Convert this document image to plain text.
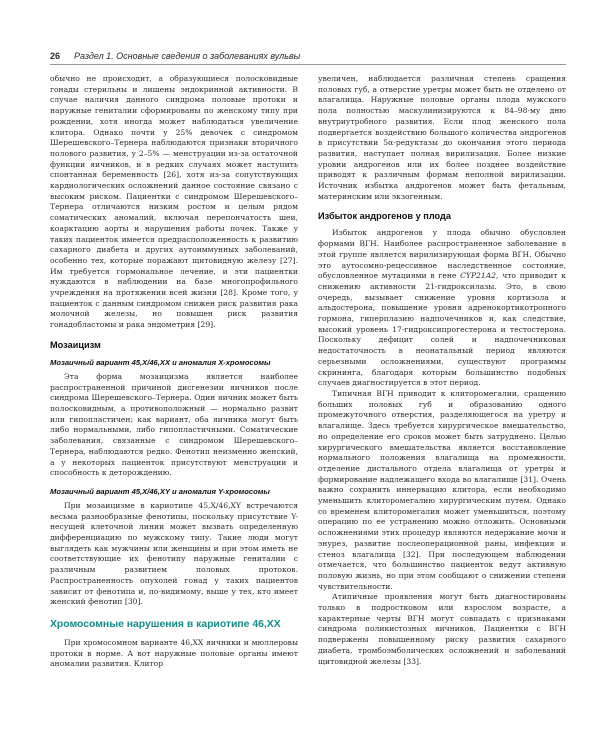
26 Раздел 1. Основные сведения о заболеваниях вульвы

обычно не происходит, а образующиеся полосковидные гонады стерильны и лишены эндокринной активности. В случае наличия данного синдрома половые протоки и наружные гениталии сформированы по женскому типу при рождении, хотя иногда может наблюдаться увеличение клитора. Однако почти у 25% девочек с синдромом Шерешевского–Тернера наблюдаются признаки вторичного полового развития, у 2–5% — менструации из-за остаточной функции яичников, и в редких случаях может наступить спонтанная беременность [26], хотя из-за сопутствующих кардиологических осложнений данное состояние связано с высоким риском. Пациентки с синдромом Шерешевского–Тернера отличаются низким ростом и целым рядом соматических аномалий, включая перепончатость шеи, коарктацию аорты и нарушения работы почек. Также у таких пациенток имеется предрасположенность к развитию сахарного диабета и других аутоиммунных заболеваний, особенно тех, которые поражают щитовидную железу [27]. Им требуется гормональное лечение, и эти пациентки нуждаются в наблюдении на базе многопрофильного учреждения на протяжении всей жизни [28]. Кроме того, у пациенток с данным синдромом снижен риск развития рака молочной железы, но повышен риск развития гонадобластомы и рака эндометрия [29].

Мозаицизм
Мозаичный вариант 45,Х/46,ХХ и аномалия Х-хромосомы

Эта форма мозаицизма является наиболее распространенной причиной дисгенезии яичников после синдрома Шерешевского–Тернера. Один яичник может быть полосковидным, а противоположный — нормально развит или гипопластичен; как вариант, оба яичника могут быть либо нормальными, либо гипопластичными. Соматические заболевания, связанные с синдромом Шерешевского–Тернера, наблюдаются редко. Фенотип неизменно женский, а у некоторых пациенток присутствуют менструации и способность к деторождению.

Мозаичный вариант 45,Х/46,ХY и аномалия Y-хромосомы

При мозаицизме в кариотипе 45,Х/46,ХY встречаются весьма разнообразные фенотипы, поскольку присутствие Y-несущей клеточной линии может вызвать определенную дифференциацию по мужскому типу. Такие люди могут выглядеть как мужчины или женщины и при этом иметь не соответствующие их фенотипу наружные гениталии с различным развитием половых протоков. Распространенность опухолей гонад у таких пациентов зависит от фенотипа и, по-видимому, выше у тех, кто имеет женский фенотип [30].

Хромосомные нарушения в кариотипе 46,ХХ

При хромосомном варианте 46,ХХ яичники и мюллеровы протоки в норме. А вот наружные половые органы имеют аномалии развития. Клитор

увеличен, наблюдается различная степень сращения половых губ, а отверстие уретры может быть не отделено от влагалища. Наружные половые органы плода мужского пола полностью маскулинизируются к 84–98-му дню внутриутробного развития. Если плод женского пола подвергается воздействию большого количества андрогенов в присутствии 5α-редуктазы до окончания этого периода развития, наступает полная вирилизация. Более низкие уровни андрогенов или их более позднее воздействие приводят к различным формам неполной вирилизации. Источник избытка андрогенов может быть фетальным, материнским или экзогенным.

Избыток андрогенов у плода

Избыток андрогенов у плода обычно обусловлен формами ВГН. Наиболее распространенное заболевание в этой группе является вирилизирующая форма ВГН. Обычно это аутосомно-рецессивное наследственное состояние, обусловленное мутациями в гене CYP21A2, что приводит к снижению активности 21-гидроксилазы. Это, в свою очередь, вызывает снижение уровня кортизола и альдостерона, повышение уровня адренокортикотропного гормона, гиперплазию надпочечников и, как следствие, высокий уровень 17-гидроксипрогестерона и тестостерона. Поскольку дефицит солей и надпочечниковая недостаточность в неонатальный период являются серьезными осложнениями, существуют программы скрининга, благодаря которым большинство подобных случаев диагностируется в этот период.

Типичная ВГН приводит к клиторомегалии, сращению больших половых губ и образованию одного промежуточного отверстия, разделяющегося на уретру и влагалище. Здесь требуется хирургическое вмешательство, но определение его сроков может быть затруднено. Целью хирургического вмешательства является восстановление нормального положения влагалища на промежности, отделение дистального отдела влагалища от уретры и формирование надлежащего входа во влагалище [31]. Очень важно сохранить иннервацию клитора, если необходимо уменьшить клиторомегалию хирургическим путем. Однако со временем клиторомегалия может уменьшиться, поэтому операцию по ее устранению можно отложить. Основными осложнениями этих процедур являются недержание мочи и энурез, развитие послеоперационной раны, инфекция и стеноз влагалища [32]. При последующем наблюдении отмечается, что большинство пациенток ведут активную половую жизнь, но при этом сообщают о снижении степени чувствительности.

Атипичные проявления могут быть диагностированы только в подростковом или взрослом возрасте, а характерные черты ВГН могут совпадать с признаками синдрома поликистозных яичников. Пациентки с ВГН подвержены повышенному риску развития сахарного диабета, тромбоэмболических осложнений и заболеваний щитовидной железы [33].
